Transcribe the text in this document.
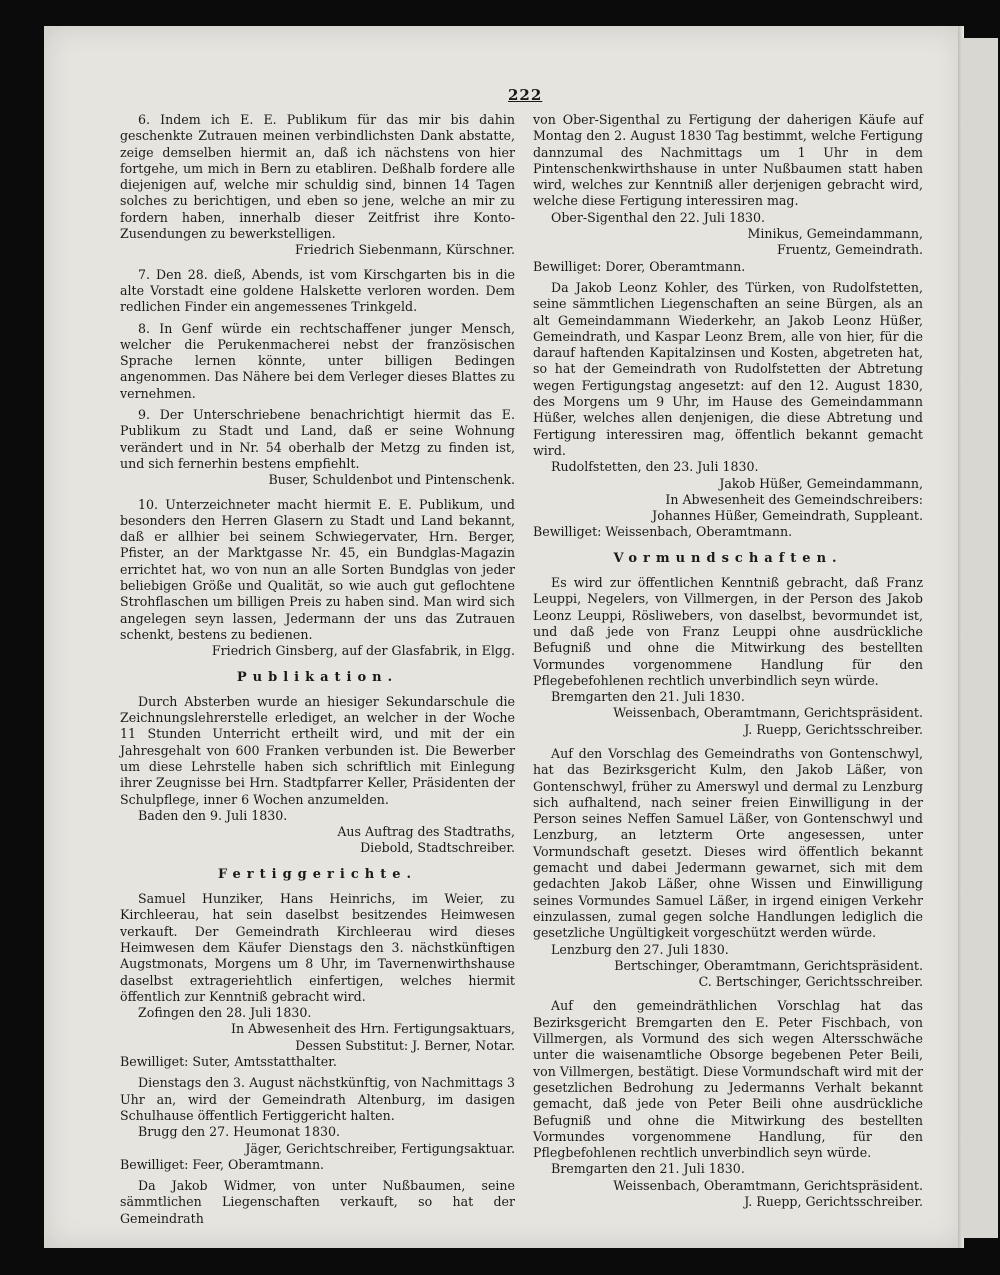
222

6. Indem ich E. E. Publikum für das mir bis dahin geschenkte Zutrauen meinen verbindlichsten Dank abstatte, zeige demselben hiermit an, daß ich nächstens von hier fortgehe, um mich in Bern zu etabliren. Deßhalb fordere alle diejenigen auf, welche mir schuldig sind, binnen 14 Tagen solches zu berichtigen, und eben so jene, welche an mir zu fordern haben, innerhalb dieser Zeitfrist ihre Konto-Zusendungen zu bewerkstelligen.

Friedrich Siebenmann, Kürschner.

7. Den 28. dieß, Abends, ist vom Kirschgarten bis in die alte Vorstadt eine goldene Halskette verloren worden. Dem redlichen Finder ein angemessenes Trinkgeld.

8. In Genf würde ein rechtschaffener junger Mensch, welcher die Perukenmacherei nebst der französischen Sprache lernen könnte, unter billigen Bedingen angenommen. Das Nähere bei dem Verleger dieses Blattes zu vernehmen.

9. Der Unterschriebene benachrichtigt hiermit das E. Publikum zu Stadt und Land, daß er seine Wohnung verändert und in Nr. 54 oberhalb der Metzg zu finden ist, und sich fernerhin bestens empfiehlt.

Buser, Schuldenbot und Pintenschenk.

10. Unterzeichneter macht hiermit E. E. Publikum, und besonders den Herren Glasern zu Stadt und Land bekannt, daß er allhier bei seinem Schwiegervater, Hrn. Berger, Pfister, an der Marktgasse Nr. 45, ein Bundglas-Magazin errichtet hat, wo von nun an alle Sorten Bundglas von jeder beliebigen Größe und Qualität, so wie auch gut geflochtene Strohflaschen um billigen Preis zu haben sind. Man wird sich angelegen seyn lassen, Jedermann der uns das Zutrauen schenkt, bestens zu bedienen.

Friedrich Ginsberg, auf der Glasfabrik, in Elgg.

Publikation.

Durch Absterben wurde an hiesiger Sekundarschule die Zeichnungslehrerstelle erlediget, an welcher in der Woche 11 Stunden Unterricht ertheilt wird, und mit der ein Jahresgehalt von 600 Franken verbunden ist. Die Bewerber um diese Lehrstelle haben sich schriftlich mit Einlegung ihrer Zeugnisse bei Hrn. Stadtpfarrer Keller, Präsidenten der Schulpflege, inner 6 Wochen anzumelden.

Baden den 9. Juli 1830.

Aus Auftrag des Stadtraths,

Diebold, Stadtschreiber.

Fertiggerichte.

Samuel Hunziker, Hans Heinrichs, im Weier, zu Kirchleerau, hat sein daselbst besitzendes Heimwesen verkauft. Der Gemeindrath Kirchleerau wird dieses Heimwesen dem Käufer Dienstags den 3. nächstkünftigen Augstmonats, Morgens um 8 Uhr, im Tavernenwirthshause daselbst extrageriehtlich einfertigen, welches hiermit öffentlich zur Kenntniß gebracht wird.

Zofingen den 28. Juli 1830.

In Abwesenheit des Hrn. Fertigungsaktuars,

Dessen Substitut: J. Berner, Notar.

Bewilliget: Suter, Amtsstatthalter.

Dienstags den 3. August nächstkünftig, von Nachmittags 3 Uhr an, wird der Gemeindrath Altenburg, im dasigen Schulhause öffentlich Fertiggericht halten.

Brugg den 27. Heumonat 1830.

Jäger, Gerichtschreiber, Fertigungsaktuar.

Bewilliget: Feer, Oberamtmann.

Da Jakob Widmer, von unter Nußbaumen, seine sämmtlichen Liegenschaften verkauft, so hat der Gemeindrath

von Ober-Sigenthal zu Fertigung der daherigen Käufe auf Montag den 2. August 1830 Tag bestimmt, welche Fertigung dannzumal des Nachmittags um 1 Uhr in dem Pintenschenkwirthshause in unter Nußbaumen statt haben wird, welches zur Kenntniß aller derjenigen gebracht wird, welche diese Fertigung interessiren mag.

Ober-Sigenthal den 22. Juli 1830.

Minikus, Gemeindammann,

Fruentz, Gemeindrath.

Bewilliget: Dorer, Oberamtmann.

Da Jakob Leonz Kohler, des Türken, von Rudolfstetten, seine sämmtlichen Liegenschaften an seine Bürgen, als an alt Gemeindammann Wiederkehr, an Jakob Leonz Hüßer, Gemeindrath, und Kaspar Leonz Brem, alle von hier, für die darauf haftenden Kapitalzinsen und Kosten, abgetreten hat, so hat der Gemeindrath von Rudolfstetten der Abtretung wegen Fertigungstag angesetzt: auf den 12. August 1830, des Morgens um 9 Uhr, im Hause des Gemeindammann Hüßer, welches allen denjenigen, die diese Abtretung und Fertigung interessiren mag, öffentlich bekannt gemacht wird.

Rudolfstetten, den 23. Juli 1830.

Jakob Hüßer, Gemeindammann,

In Abwesenheit des Gemeindschreibers:

Johannes Hüßer, Gemeindrath, Suppleant.

Bewilliget: Weissenbach, Oberamtmann.

Vormundschaften.

Es wird zur öffentlichen Kenntniß gebracht, daß Franz Leuppi, Negelers, von Villmergen, in der Person des Jakob Leonz Leuppi, Rösliwebers, von daselbst, bevormundet ist, und daß jede von Franz Leuppi ohne ausdrückliche Befugniß und ohne die Mitwirkung des bestellten Vormundes vorgenommene Handlung für den Pflegebefohlenen rechtlich unverbindlich seyn würde.

Bremgarten den 21. Juli 1830.

Weissenbach, Oberamtmann, Gerichtspräsident.

J. Ruepp, Gerichtsschreiber.

Auf den Vorschlag des Gemeindraths von Gontenschwyl, hat das Bezirksgericht Kulm, den Jakob Läßer, von Gontenschwyl, früher zu Amerswyl und dermal zu Lenzburg sich aufhaltend, nach seiner freien Einwilligung in der Person seines Neffen Samuel Läßer, von Gontenschwyl und Lenzburg, an letzterm Orte angesessen, unter Vormundschaft gesetzt. Dieses wird öffentlich bekannt gemacht und dabei Jedermann gewarnet, sich mit dem gedachten Jakob Läßer, ohne Wissen und Einwilligung seines Vormundes Samuel Läßer, in irgend einigen Verkehr einzulassen, zumal gegen solche Handlungen lediglich die gesetzliche Ungültigkeit vorgeschützt werden würde.

Lenzburg den 27. Juli 1830.

Bertschinger, Oberamtmann, Gerichtspräsident.

C. Bertschinger, Gerichtsschreiber.

Auf den gemeindräthlichen Vorschlag hat das Bezirksgericht Bremgarten den E. Peter Fischbach, von Villmergen, als Vormund des sich wegen Altersschwäche unter die waisenamtliche Obsorge begebenen Peter Beili, von Villmergen, bestätigt. Diese Vormundschaft wird mit der gesetzlichen Bedrohung zu Jedermanns Verhalt bekannt gemacht, daß jede von Peter Beili ohne ausdrückliche Befugniß und ohne die Mitwirkung des bestellten Vormundes vorgenommene Handlung, für den Pflegbefohlenen rechtlich unverbindlich seyn würde.

Bremgarten den 21. Juli 1830.

Weissenbach, Oberamtmann, Gerichtspräsident.

J. Ruepp, Gerichtsschreiber.
